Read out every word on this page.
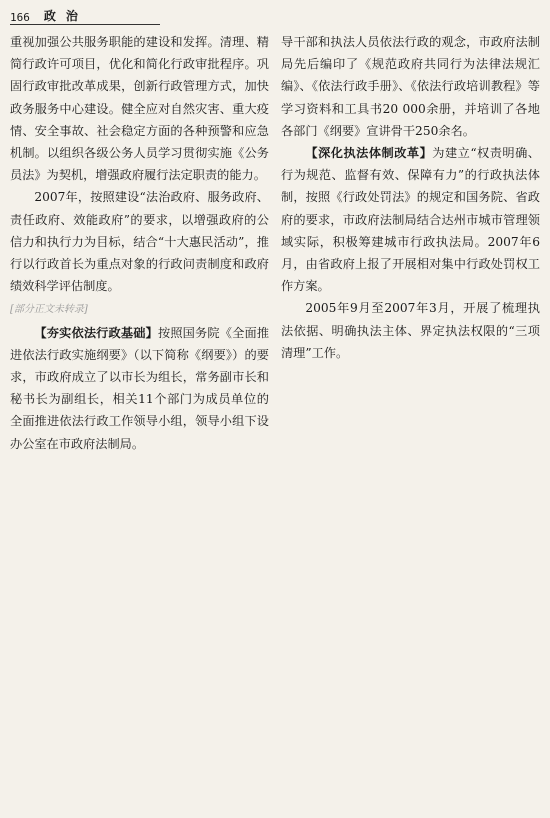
166 政治

重视加强公共服务职能的建设和发挥。清理、精简行政许可项目，优化和简化行政审批程序。巩固行政审批改革成果，创新行政管理方式，加快政务服务中心建设。健全应对自然灾害、重大疫情、安全事故、社会稳定方面的各种预警和应急机制。以组织各级公务人员学习贯彻实施《公务员法》为契机，增强政府履行法定职责的能力。

2007年，按照建设“法治政府、服务政府、责任政府、效能政府”的要求，以增强政府的公信力和执行力为目标，结合“十大惠民活动”，推行以行政首长为重点对象的行政问责制度和政府绩效科学评估制度。

[部分正文未转录]

【夯实依法行政基础】按照国务院《全面推进依法行政实施纲要》（以下简称《纲要》）的要求，市政府成立了以市长为组长，常务副市长和秘书长为副组长，相关11个部门为成员单位的全面推进依法行政工作领导小组，领导小组下设办公室在市政府法制局。

导干部和执法人员依法行政的观念，市政府法制局先后编印了《规范政府共同行为法律法规汇编》、《依法行政手册》、《依法行政培训教程》等学习资料和工具书20 000余册，并培训了各地各部门《纲要》宣讲骨干250余名。

【深化执法体制改革】为建立“权责明确、行为规范、监督有效、保障有力”的行政执法体制，按照《行政处罚法》的规定和国务院、省政府的要求，市政府法制局结合达州市城市管理领域实际，积极筹建城市行政执法局。2007年6月，由省政府上报了开展相对集中行政处罚权工作方案。

2005年9月至2007年3月，开展了梳理执法依据、明确执法主体、界定执法权限的“三项清理”工作。
